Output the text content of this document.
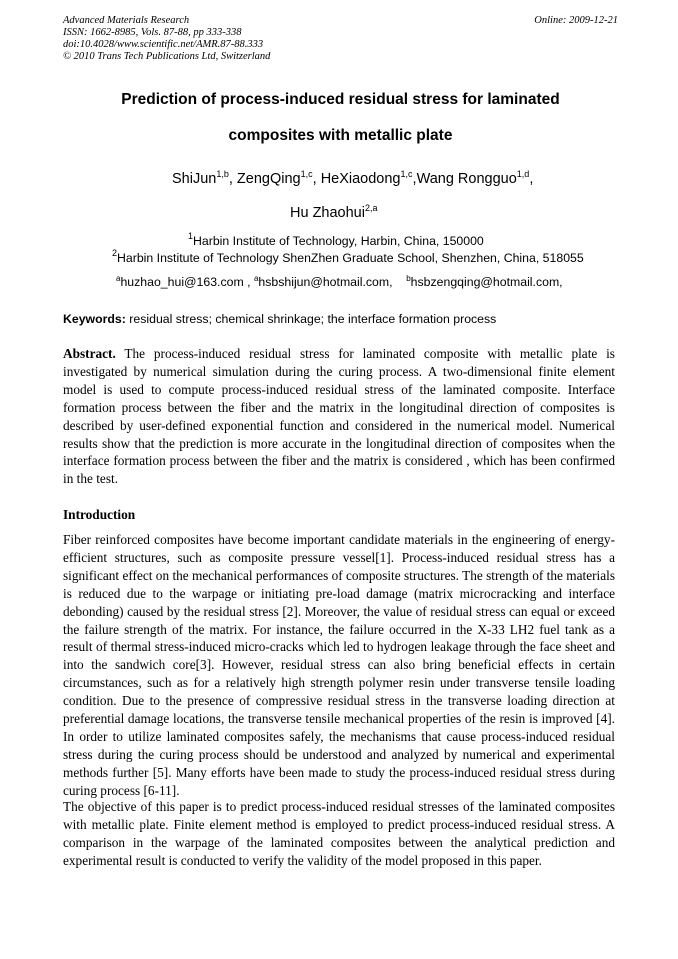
Advanced Materials Research
ISSN: 1662-8985, Vols. 87-88, pp 333-338
doi:10.4028/www.scientific.net/AMR.87-88.333
© 2010 Trans Tech Publications Ltd, Switzerland
Online: 2009-12-21
Prediction of process-induced residual stress for laminated
composites with metallic plate
ShiJun$^{1,b}$, ZengQing$^{1,c}$, HeXiaodong$^{1,c}$,Wang Rongguo$^{1,d}$,
Hu Zhaohui$^{2,a}$
$^1$Harbin Institute of Technology, Harbin, China, 150000
$^2$Harbin Institute of Technology ShenZhen Graduate School, Shenzhen, China, 518055
$^a$huzhao_hui@163.com , $^a$hsbshijun@hotmail.com,    $^b$hsbzengqing@hotmail.com,
Keywords: residual stress; chemical shrinkage; the interface formation process
Abstract. The process-induced residual stress for laminated composite with metallic plate is investigated by numerical simulation during the curing process. A two-dimensional finite element model is used to compute process-induced residual stress of the laminated composite. Interface formation process between the fiber and the matrix in the longitudinal direction of composites is described by user-defined exponential function and considered in the numerical model. Numerical results show that the prediction is more accurate in the longitudinal direction of composites when the interface formation process between the fiber and the matrix is considered , which has been confirmed in the test.
Introduction
Fiber reinforced composites have become important candidate materials in the engineering of energy-efficient structures, such as composite pressure vessel[1]. Process-induced residual stress has a significant effect on the mechanical performances of composite structures. The strength of the materials is reduced due to the warpage or initiating pre-load damage (matrix microcracking and interface debonding) caused by the residual stress [2]. Moreover, the value of residual stress can equal or exceed the failure strength of the matrix. For instance, the failure occurred in the X-33 LH2 fuel tank as a result of thermal stress-induced micro-cracks which led to hydrogen leakage through the face sheet and into the sandwich core[3]. However, residual stress can also bring beneficial effects in certain circumstances, such as for a relatively high strength polymer resin under transverse tensile loading condition. Due to the presence of compressive residual stress in the transverse loading direction at preferential damage locations, the transverse tensile mechanical properties of the resin is improved [4]. In order to utilize laminated composites safely, the mechanisms that cause process-induced residual stress during the curing process should be understood and analyzed by numerical and experimental methods further [5]. Many efforts have been made to study the process-induced residual stress during curing process [6-11].
The objective of this paper is to predict process-induced residual stresses of the laminated composites with metallic plate. Finite element method is employed to predict process-induced residual stress. A comparison in the warpage of the laminated composites between the analytical prediction and experimental result is conducted to verify the validity of the model proposed in this paper.
